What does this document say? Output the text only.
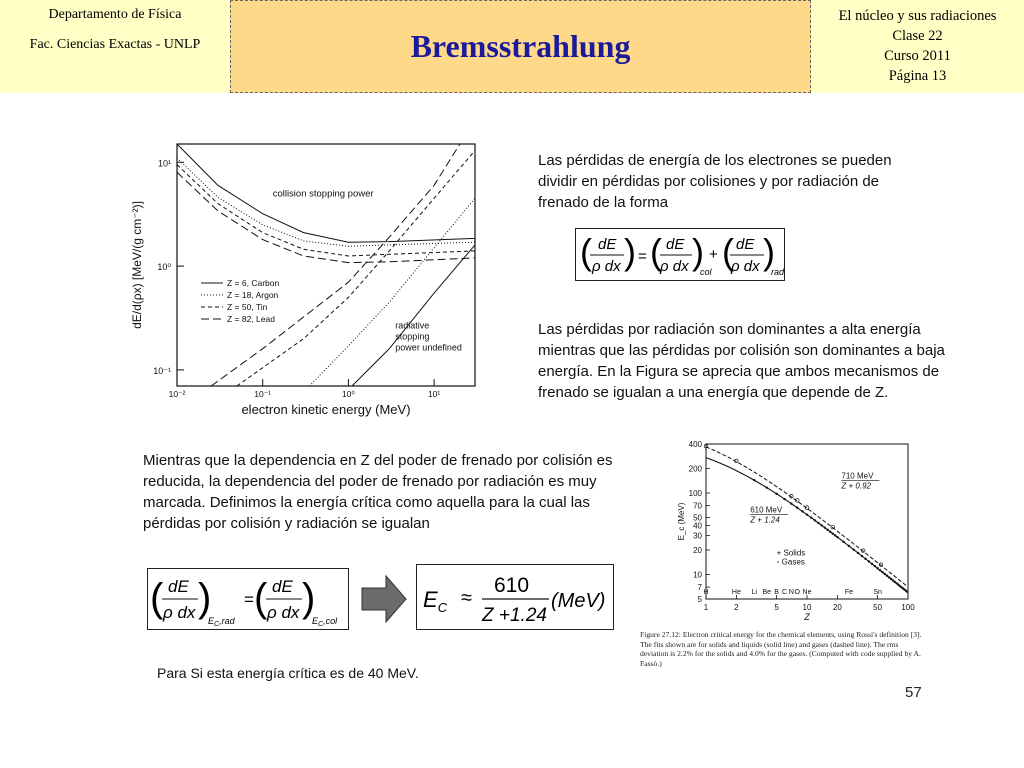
Departamento de Física
Fac. Ciencias Exactas - UNLP	Bremsstrahlung
El núcleo y sus radiaciones
Clase 22
Curso 2011
Página 13
10⁻²	10⁻¹	10⁰	10¹
10¹
10⁰
10⁻¹
electron kinetic energy (MeV)
dE/d(ρx) [MeV/(g cm⁻²)]
collision stopping power
radiative
stopping
power undefined
Z = 6, Carbon
Z = 18, Argon
Z = 50, Tin
Z = 82, Lead
Las pérdidas de energía de los electrones se pueden dividir en pérdidas por colisiones y por radiación de frenado de la forma
( dE
ρ dx ) = ( dE
ρ dx )
col
+ ( dE
ρ dx )
rad
Las pérdidas por radiación son dominantes a alta energía mientras que las pérdidas por colisión son dominantes a baja energía. En la Figura se aprecia que ambos mecanismos de frenado se igualan a una energía que depende de Z.
Mientras que la dependencia en Z del poder de frenado por colisión es reducida, la dependencia del poder de frenado por radiación es muy marcada. Definimos la energía crítica como aquella para la cual las pérdidas por colisión y radiación se igualan
( dE
ρ dx )
$E_C,rad$
= ( dE
ρ dx )
$E_C,col$
$E_C$ ≈
610
Z +1.24
(MeV)
Para Si esta energía crítica es de 40 MeV.
400
200
100
70
50
40
30
20
10
7
5
1	2	5	10	20	50 100
Z
E_c (MeV)
710 MeV
Z + 0.92
610 MeV
Z + 1.24
+ Solids
◦ Gases
H	He Li Be B C N O Ne	Fe	Sn
Figure 27.12: Electron critical energy for the chemical elements, using Rossi's definition [3]. The fits shown are for solids and liquids (solid line) and gases (dashed line). The rms deviation is 2.2% for the solids and 4.0% for the gases. (Computed with code supplied by A. Fassò.)
57
